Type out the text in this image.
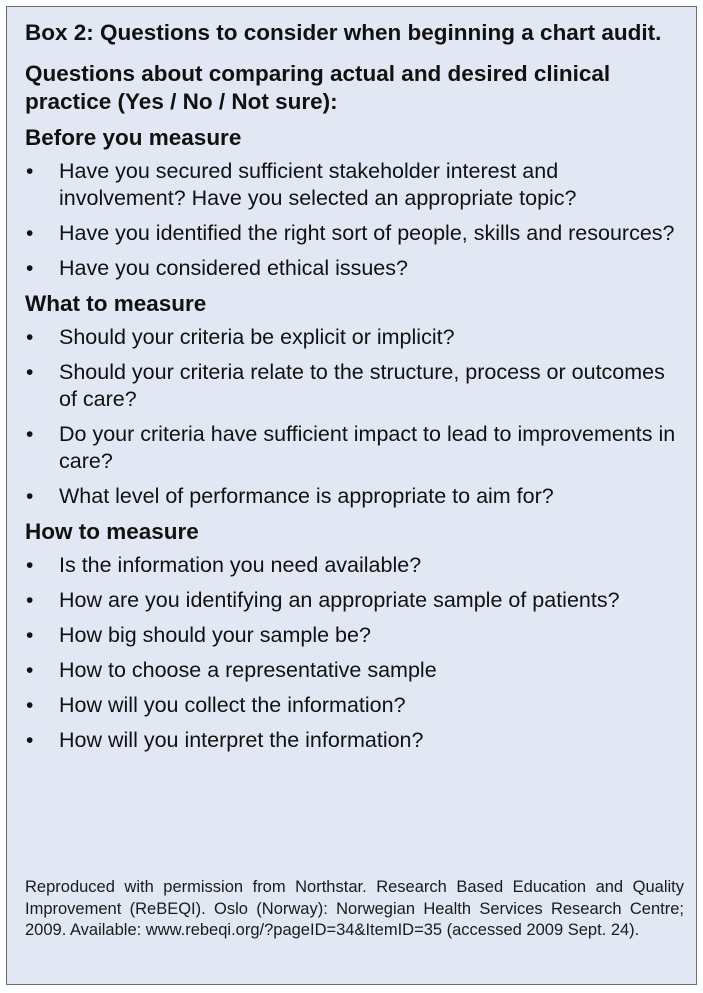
Box 2: Questions to consider when beginning a chart audit.
Questions about comparing actual and desired clinical practice (Yes / No / Not sure):
Before you measure
• Have you secured sufficient stakeholder interest and involvement? Have you selected an appropriate topic?
• Have you identified the right sort of people, skills and resources?
• Have you considered ethical issues?
What to measure
• Should your criteria be explicit or implicit?
• Should your criteria relate to the structure, process or outcomes of care?
• Do your criteria have sufficient impact to lead to improvements in care?
• What level of performance is appropriate to aim for?
How to measure
• Is the information you need available?
• How are you identifying an appropriate sample of patients?
• How big should your sample be?
• How to choose a representative sample
• How will you collect the information?
• How will you interpret the information?
Reproduced with permission from Northstar. Research Based Education and Quality Improvement (ReBEQI). Oslo (Norway): Norwegian Health Services Research Centre; 2009. Available: www.rebeqi.org/?pageID=34&ItemID=35 (accessed 2009 Sept. 24).
